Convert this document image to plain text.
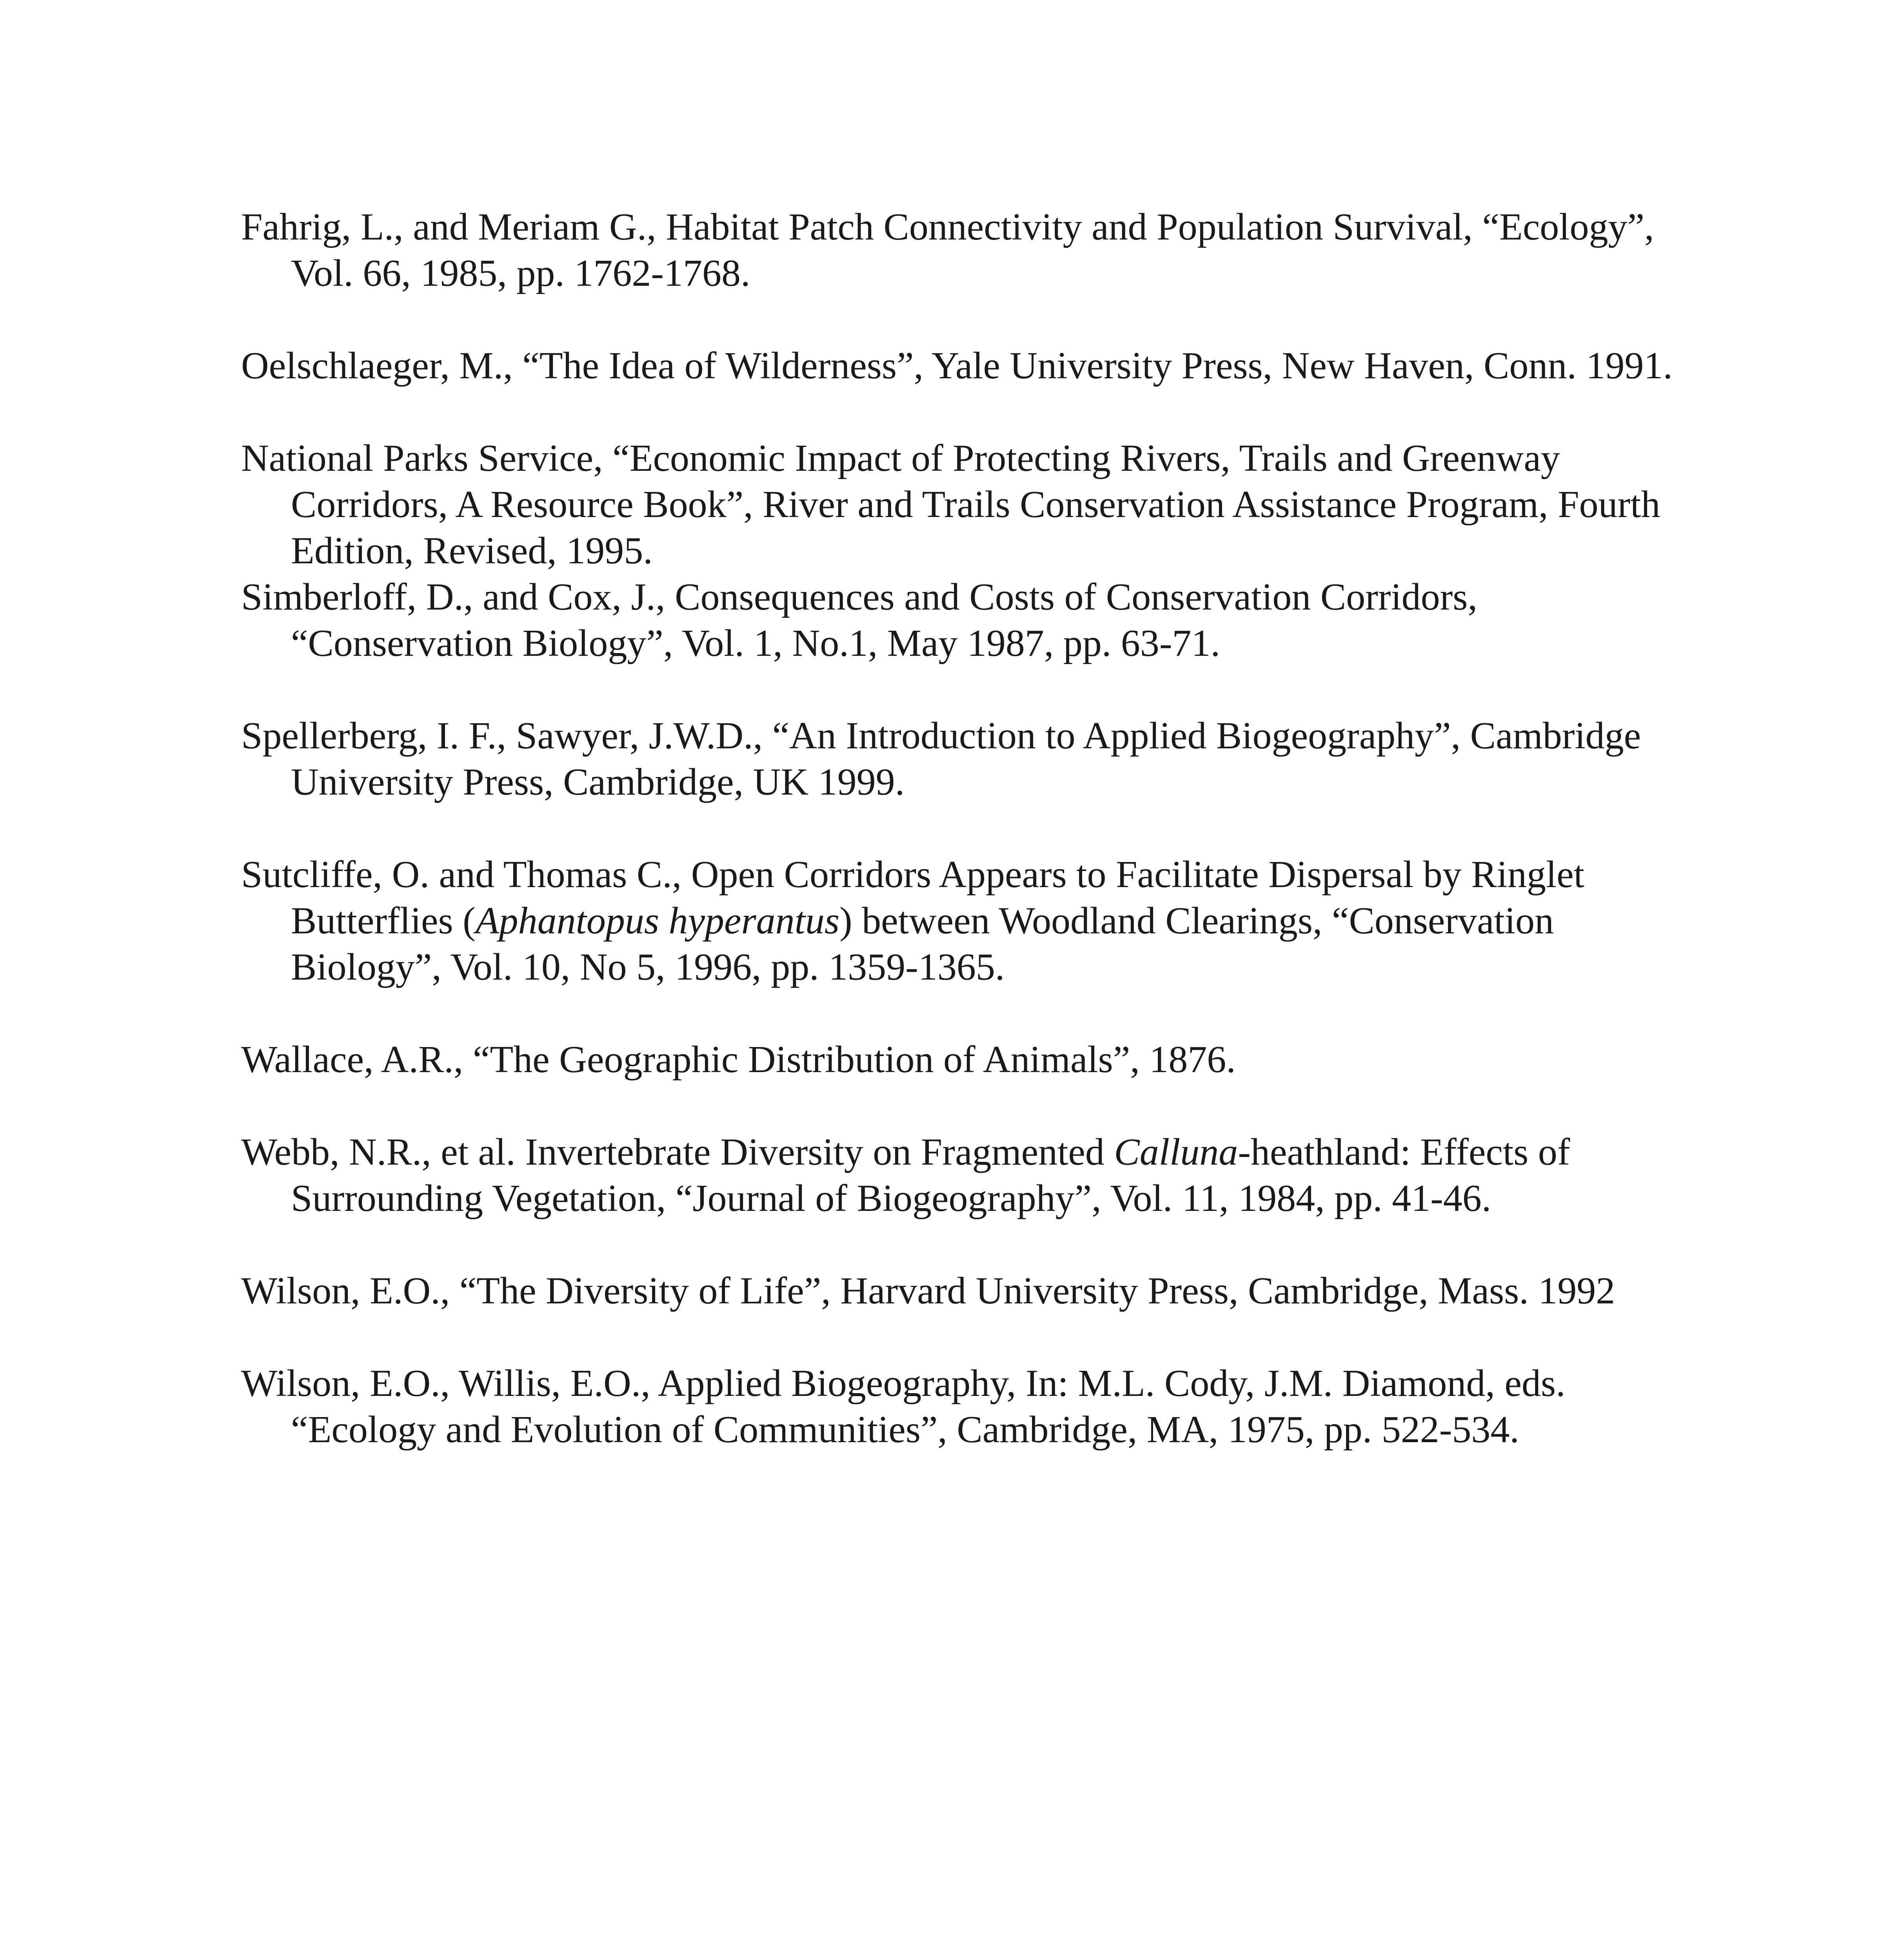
Fahrig, L., and Meriam G., Habitat Patch Connectivity and Population Survival, “Ecology”, Vol. 66, 1985, pp. 1762-1768.

Oelschlaeger, M., “The Idea of Wilderness”, Yale University Press, New Haven, Conn. 1991.

National Parks Service, “Economic Impact of Protecting Rivers, Trails and Greenway Corridors, A Resource Book”, River and Trails Conservation Assistance Program, Fourth Edition, Revised, 1995.

Simberloff, D., and Cox, J., Consequences and Costs of Conservation Corridors, “Conservation Biology”, Vol. 1, No.1, May 1987, pp. 63-71.

Spellerberg, I. F., Sawyer, J.W.D., “An Introduction to Applied Biogeography”, Cambridge University Press, Cambridge, UK 1999.

Sutcliffe, O. and Thomas C., Open Corridors Appears to Facilitate Dispersal by Ringlet Butterflies (Aphantopus hyperantus) between Woodland Clearings, “Conservation Biology”, Vol. 10, No 5, 1996, pp. 1359-1365.

Wallace, A.R., “The Geographic Distribution of Animals”, 1876.

Webb, N.R., et al. Invertebrate Diversity on Fragmented Calluna-heathland: Effects of Surrounding Vegetation, “Journal of Biogeography”, Vol. 11, 1984, pp. 41-46.

Wilson, E.O., “The Diversity of Life”, Harvard University Press, Cambridge, Mass. 1992

Wilson, E.O., Willis, E.O., Applied Biogeography, In: M.L. Cody, J.M. Diamond, eds. “Ecology and Evolution of Communities”, Cambridge, MA, 1975, pp. 522-534.
